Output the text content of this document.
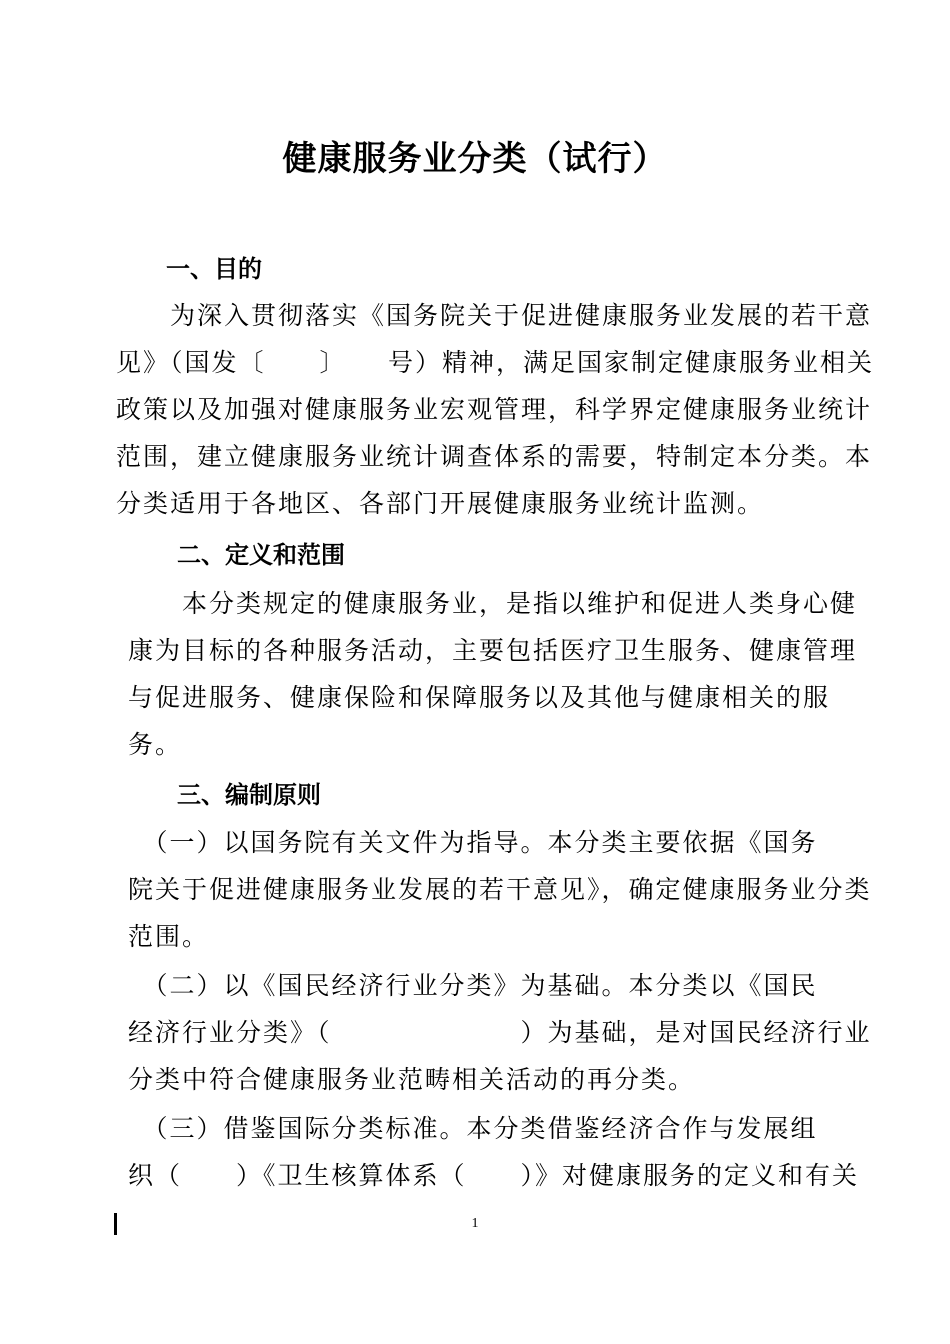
健康服务业分类（试行）
一、目的
　　为深入贯彻落实《国务院关于促进健康服务业发展的若干意
见》（国发〔　　〕　　号）精神，满足国家制定健康服务业相关
政策以及加强对健康服务业宏观管理，科学界定健康服务业统计
范围，建立健康服务业统计调查体系的需要，特制定本分类。本
分类适用于各地区、各部门开展健康服务业统计监测。
二、定义和范围
　　本分类规定的健康服务业，是指以维护和促进人类身心健
康为目标的各种服务活动，主要包括医疗卫生服务、健康管理
与促进服务、健康保险和保障服务以及其他与健康相关的服
务。
三、编制原则
　（一）以国务院有关文件为指导。本分类主要依据《国务
院关于促进健康服务业发展的若干意见》，确定健康服务业分类
范围。
　（二）以《国民经济行业分类》为基础。本分类以《国民
经济行业分类》（　　　　　　　）为基础，是对国民经济行业
分类中符合健康服务业范畴相关活动的再分类。
　（三）借鉴国际分类标准。本分类借鉴经济合作与发展组
织（　　）《卫生核算体系（　　）》对健康服务的定义和有关
1
